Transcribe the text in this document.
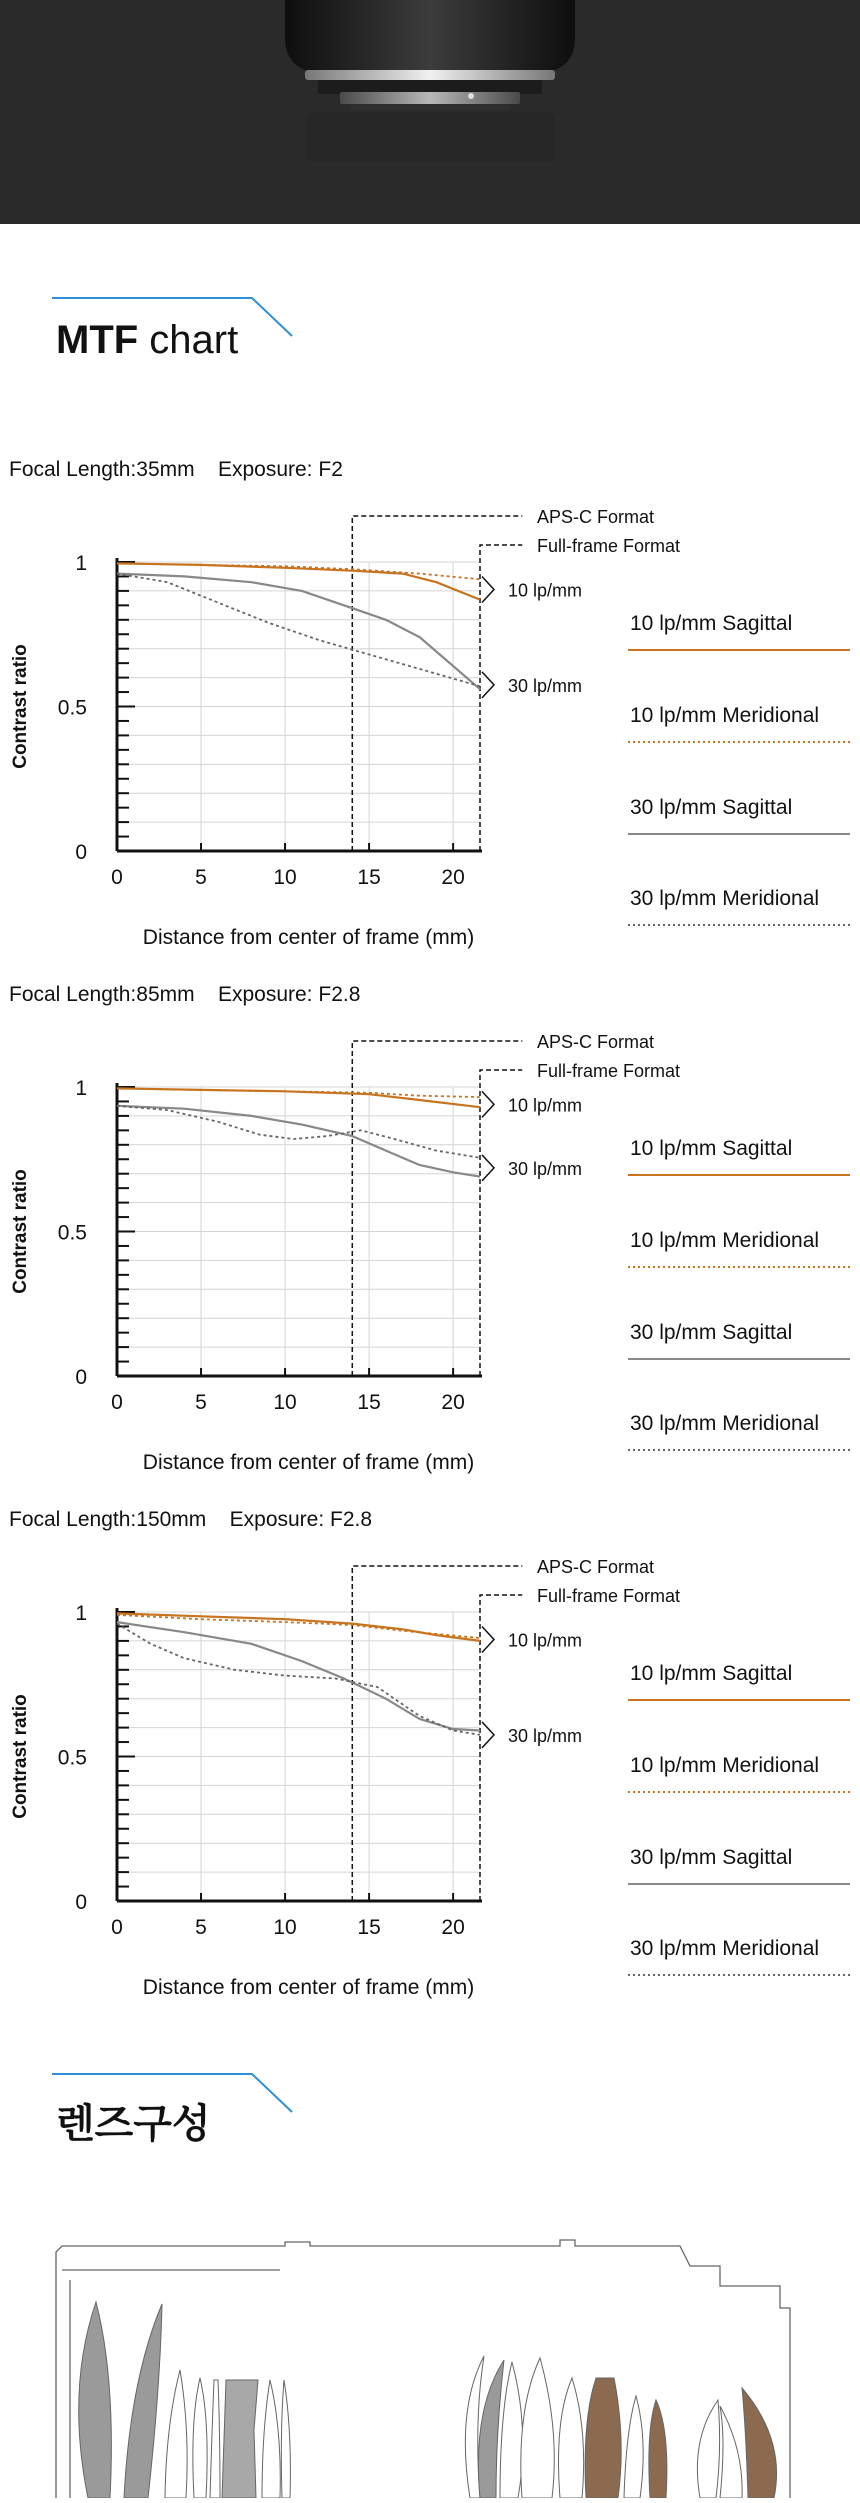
MTF chart
Focal Length:35mm Exposure: F2
0
0.5
1
0	5	10	15	20
Contrast ratio
Distance from center of frame (mm)
APS-C Format
Full-frame Format
10 lp/mm
30 lp/mm
10 lp/mm Sagittal
10 lp/mm Meridional
30 lp/mm Sagittal
30 lp/mm Meridional
Focal Length:85mm Exposure: F2.8
0
0.5
1
0	5	10	15	20
Contrast ratio
Distance from center of frame (mm)
APS-C Format
Full-frame Format
10 lp/mm
30 lp/mm
10 lp/mm Sagittal
10 lp/mm Meridional
30 lp/mm Sagittal
30 lp/mm Meridional
Focal Length:150mm Exposure: F2.8
0
0.5
1
0	5	10	15	20
Contrast ratio
Distance from center of frame (mm)
APS-C Format
Full-frame Format
10 lp/mm
30 lp/mm
10 lp/mm Sagittal
10 lp/mm Meridional
30 lp/mm Sagittal
30 lp/mm Meridional
렌즈구성
